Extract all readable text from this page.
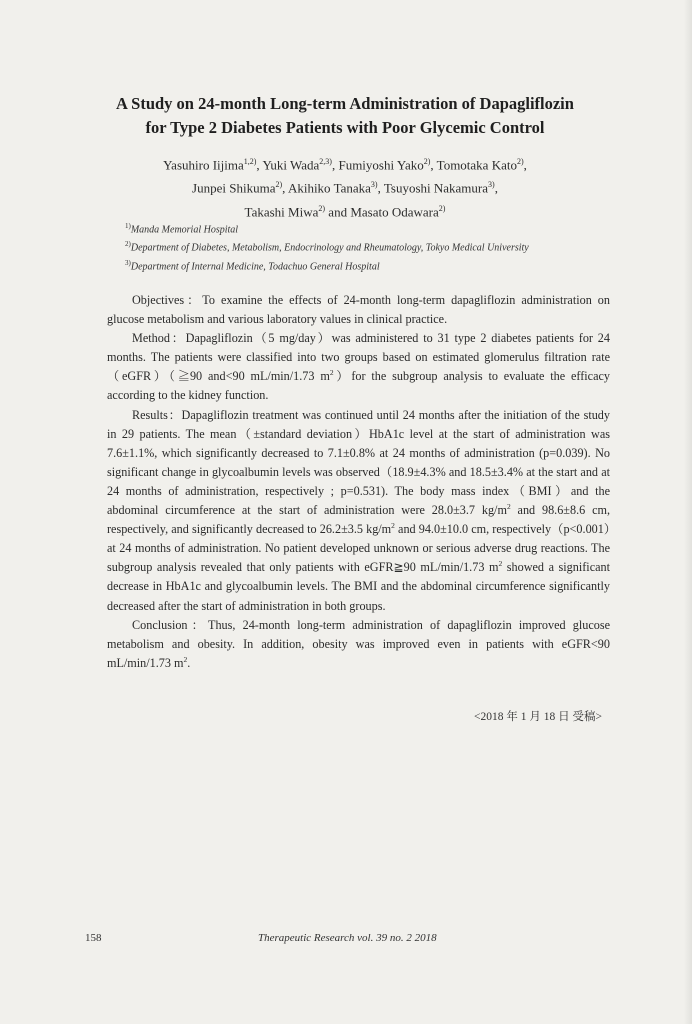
A Study on 24-month Long-term Administration of Dapagliflozin
for Type 2 Diabetes Patients with Poor Glycemic Control
Yasuhiro Iijima$^{1,2)}$, Yuki Wada$^{2,3)}$, Fumiyoshi Yako$^{2)}$, Tomotaka Kato$^{2)}$,
Junpei Shikuma$^{2)}$, Akihiko Tanaka$^{3)}$, Tsuyoshi Nakamura$^{3)}$,
Takashi Miwa$^{2)}$ and Masato Odawara$^{2)}$
$^{1)}$Manda Memorial Hospital
$^{2)}$Department of Diabetes, Metabolism, Endocrinology and Rheumatology, Tokyo Medical University
$^{3)}$Department of Internal Medicine, Todachuo General Hospital

Objectives：To examine the effects of 24-month long-term dapagliflozin administration on glucose metabolism and various laboratory values in clinical practice.

Method：Dapagliflozin（5 mg/day）was administered to 31 type 2 diabetes patients for 24 months. The patients were classified into two groups based on estimated glomerulus filtration rate（eGFR）（≧90 and<90 mL/min/1.73 $m^2)for$ the subgroup analysis to evaluate the efficacy according to the kidney function.

Results：Dapagliflozin treatment was continued until 24 months after the initiation of the study in 29 patients. The mean（±standard deviation）HbA1c level at the start of administration was 7.6±1.1%, which significantly decreased to 7.1±0.8% at 24 months of administration (p=0.039). No significant change in glycoalbumin levels was observed（18.9±4.3% and 18.5±3.4% at the start and at 24 months of administration, respectively ; p=0.531). The body mass index（BMI）and the abdominal circumference at the start of administration were 28.0±3.7 $kg/m^2$ and 98.6±8.6 cm, respectively, and significantly decreased to 26.2±3.5 $kg/m^2$ and 94.0±10.0 cm, respectively（p<0.001）at 24 months of administration. No patient developed unknown or serious adverse drug reactions. The subgroup analysis revealed that only patients with eGFR≧90 mL/min/1.73 $m^2$ showed a significant decrease in HbA1c and glycoalbumin levels. The BMI and the abdominal circumference significantly decreased after the start of administration in both groups.

Conclusion：Thus, 24-month long-term administration of dapagliflozin improved glucose metabolism and obesity. In addition, obesity was improved even in patients with eGFR<90 mL/min/1.73 $m^2$.

<2018 年 1 月 18 日 受稿>
158	Therapeutic Research vol. 39 no. 2 2018
